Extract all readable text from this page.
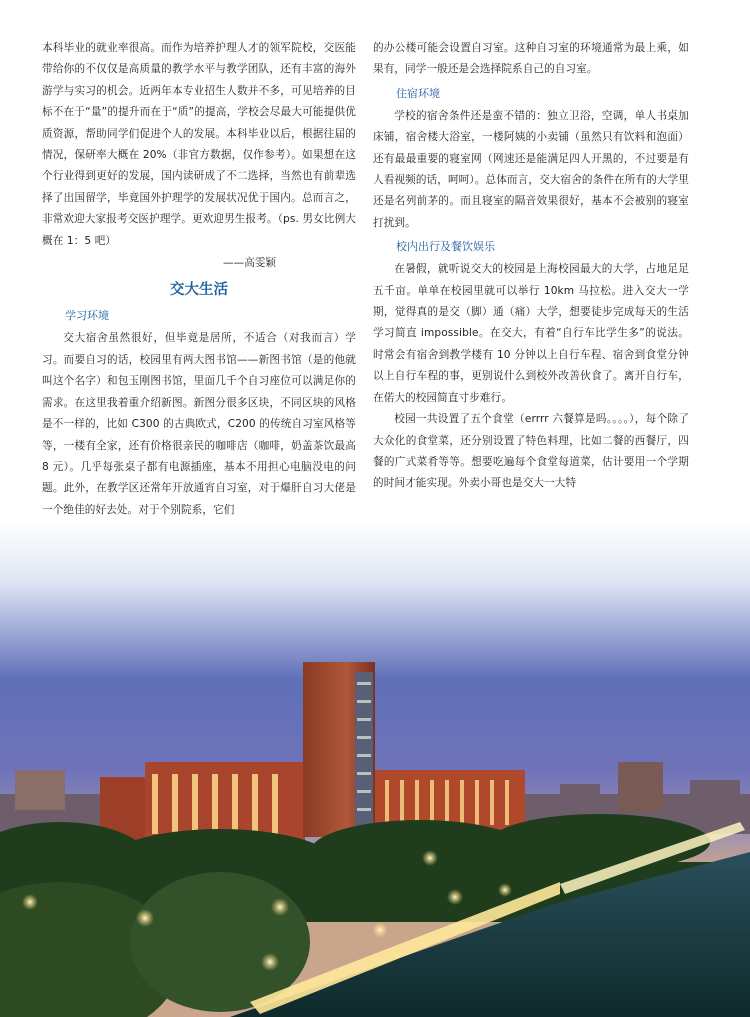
本科毕业的就业率很高。而作为培养护理人才的领军院校，交医能带给你的不仅仅是高质量的教学水平与教学团队，还有丰富的海外游学与实习的机会。近两年本专业招生人数并不多，可见培养的目标不在于“量”的提升而在于“质”的提高，学校会尽最大可能提供优质资源，帮助同学们促进个人的发展。本科毕业以后，根据往届的情况，保研率大概在 20%（非官方数据，仅作参考）。如果想在这个行业得到更好的发展，国内读研成了不二选择，当然也有前辈选择了出国留学，毕竟国外护理学的发展状况优于国内。总而言之，非常欢迎大家报考交医护理学。更欢迎男生报考。（ps. 男女比例大概在 1：5 吧）

——高雯颖
交大生活
学习环境

交大宿舍虽然很好，但毕竟是居所，不适合（对我而言）学习。而要自习的话，校园里有两大图书馆——新图书馆（是的他就叫这个名字）和包玉刚图书馆，里面几千个自习座位可以满足你的需求。在这里我着重介绍新图。新图分很多区块，不同区块的风格是不一样的，比如 C300 的古典欧式，C200 的传统自习室风格等等，一楼有全家，还有价格很亲民的咖啡店（咖啡，奶盖茶饮最高 8 元）。几乎每张桌子都有电源插座，基本不用担心电脑没电的问题。此外，在教学区还常年开放通宵自习室，对于爆肝自习大佬是一个绝佳的好去处。对于个别院系，它们

的办公楼可能会设置自习室。这种自习室的环境通常为最上乘，如果有，同学一般还是会选择院系自己的自习室。

住宿环境

学校的宿舍条件还是蛮不错的：独立卫浴，空调，单人书桌加床铺，宿舍楼大浴室，一楼阿姨的小卖铺（虽然只有饮料和泡面）还有最最重要的寝室网（网速还是能满足四人开黑的，不过要是有人看视频的话，呵呵）。总体而言，交大宿舍的条件在所有的大学里还是名列前茅的。而且寝室的隔音效果很好，基本不会被别的寝室打扰到。

校内出行及餐饮娱乐

在暑假，就听说交大的校园是上海校园最大的大学，占地足足五千亩。单单在校园里就可以举行 10km 马拉松。进入交大一学期，觉得真的是交（脚）通（痛）大学，想要徒步完成每天的生活学习简直 impossible。在交大，有着“自行车比学生多”的说法。时常会有宿舍到教学楼有 10 分钟以上自行车程、宿舍到食堂分钟以上自行车程的事，更别说什么到校外改善伙食了。离开自行车，在偌大的校园简直寸步难行。

校园一共设置了五个食堂（errrr 六餐算是吗。。。。），每个除了大众化的食堂菜，还分别设置了特色料理，比如二餐的西餐厅，四餐的广式菜肴等等。想要吃遍每个食堂每道菜，估计要用一个学期的时间才能实现。外卖小哥也是交大一大特
